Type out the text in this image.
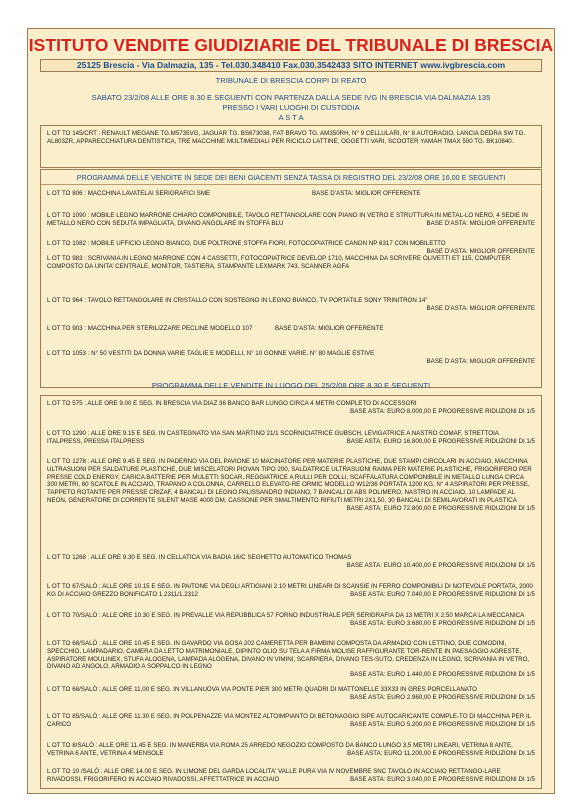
ISTITUTO VENDITE GIUDIZIARIE DEL TRIBUNALE DI BRESCIA
25125 Brescia - Via Dalmazia, 135 - Tel.030.348410 Fax.030.3542433 SITO INTERNET www.ivgbrescia.com
TRIBUNALE DI BRESCIA CORPI DI REATO
SABATO 23/2/08 ALLE ORE 8.30 E SEGUENTI CON PARTENZA DALLA SEDE IVG IN BRESCIA VIA DALMAZIA 135
PRESSO I VARI LUOGHI DI CUSTODIA
A S T A
L OT TO 145/CRT : RENAULT MEGANE TG.M5735VG, JAGUAR TG. BS673038, FAT BRAVO TG. AM350RH, N° 9 CELLULARI, N° 8 AUTORADIO, LANCIA DEDRA SW TG. AL803ZR, APPARECCHIATURA DENTISTICA, TRE MACCHINE MULTIMEDIALI PER RICICLO LATTINE, OGGETTI VARI, SCOOTER YAMAH TMAX 500 TG. BK10840.
PROGRAMMA DELLE VENDITE IN SEDE DEI BENI GIACENTI SENZA TASSA DI REGISTRO DEL 23/2/08 ORE 16.00 E SEGUENTI
L OT TO 806 : MACCHINA LAVATELAI SERIGRAFICI SME	BASE D’ASTA: MIGLIOR OFFERENTE
L OT TO 1090 : MOBILE LEGNO MARRONE CHIARO COMPONIBILE, TAVOLO RETTANGOLARE CON PIANO IN VETRO E STRUTTURA IN METAL-LO NERO, 4 SEDIE IN METALLO NERO CON SEDUTA IMPAGLIATA, DIVANO ANGOLARE IN STOFFA BLU	BASE D’ASTA: MIGLIOR OFFERENTE
L OT TO 1082 : MOBILE UFFICIO LEGNO BIANCO, DUE POLTRONE STOFFA FIORI, FOTOCOPIATRICE CANON NP 6317 CON MOBILETTO
BASE D’ASTA: MIGLIOR OFFERENTE
L OT TO 983 : SCRIVANIA IN LEGNO MARRONE CON 4 CASSETTI, FOTOCOPIATRICE DEVELOP 1710, MACCHINA DA SCRIVERE OLIVETTI ET 115, COMPUTER COMPOSTO DA UNITA’ CENTRALE, MONITOR, TASTIERA, STAMPANTE LEXMARK 743, SCANNER AGFA
L OT TO 964 : TAVOLO RETTANGOLARE IN CRISTALLO CON SOSTEGNO IN LEGNO BIANCO, TV PORTATILE SONY TRINITRON 14”
BASE D’ASTA: MIGLIOR OFFERENTE
L OT TO 903 : MACCHINA PER STERILIZZARE PECLINE MODELLO 107	BASE D’ASTA: MIGLIOR OFFERENTE
L OT TO 1053 : N° 50 VESTITI DA DONNA VARIE TAGLIE E MODELLI, N° 10 GONNE VARIE, N° 80 MAGLIE ESTIVE
BASE D’ASTA: MIGLIOR OFFERENTE
PROGRAMMA DELLE VENDITE IN LUOGO DEL 25/2/08 ORE 8.30 E SEGUENTI
L OT TO 575 : ALLE ORE 9.00 E SEG. IN BRESCIA VIA DIAZ 36 BANCO BAR LUNGO CIRCA 4 METRI COMPLETO DI ACCESSORI
BASE ASTA: EURO 8.000,00 E PROGRESSIVE RIDUZIONI DI 1/5
L OT TO 1290 : ALLE ORE 9.15 E SEG. IN CASTEGNATO VIA SAN MARTINO 21/1 SCORNICIATRICE GUBSCH, LEVIGATRICE A NASTRO COMAF, STRETTOIA ITALPRESS, PRESSA ITALPRESS	BASE ASTA: EURO 16.800,00 E PROGRESSIVE RIDUZIONI DI 1/5
L OT TO 1278 : ALLE ORE 9.45 E SEG. IN PADERNO VIA DEL PAVIONE 10 MACINATORE PER MATERIE PLASTICHE, DUE STAMPI CIRCOLARI IN ACCIAIO, MACCHINA ULTRASUONI PER SALDATURE PLASTICHE, DUE MISCELATORI PIOVAN TIPO 200, SALDATRICE ULTRASUONI RAIMA PER MATERIE PLASTICHE, FRIGORIFERO PER PRESSE COLD ENERGY, CARICA BATTERIE PER MULETTI SOCAR, REGGIATRICE A RULLI PER COLLI, SCAFFALATURA COMPONIBILE IN METALLO LUNGA CIRCA 300 METRI, 60 SCATOLE IN ACCIAIO, TRAPANO A COLONNA, CARRELLO ELEVATO-RE ORMIC MODELLO W12/36 PORTATA 1200 KG, N° 4 ASPIRATORI PER PRESSE, TAPPETO ROTANTE PER PRESSE CRIZAF, 4 BANCALI DI LEGNO PALISSANDRO INDIANO, 7 BANCALI DI ABS POLIMERO, NASTRO IN ACCIAIO, 10 LAMPADE AL NEON, GENERATORE DI CORRENTE SILENT MASE 4000 DM, CASSONE PER SMALTIMENTO RIFIUTI METRI 2X1,50, 30 BANCALI DI SEMILAVORATI IN PLASTICA
BASE ASTA: EURO 72.800,00 E PROGRESSIVE RIDUZIONI DI 1/5
L OT TO 1268 : ALLE ORE 9.30 E SEG. IN CELLATICA VIA BADIA 16/C SEGHETTO AUTOMATICO THOMAS
BASE ASTA: EURO 10.400,00 E PROGRESSIVE RIDUZIONI DI 1/5
L OT TO 67/SALÒ : ALLE ORE 10.15 E SEG. IN PAITONE VIA DEGLI ARTIGIANI 2 10 METRI LINEARI DI SCANSIE IN FERRO COMPONIBILI DI NOTEVOLE PORTATA, 2000 KG DI ACCIAIO GREZZO BONIFICATO 1.2311/1.2312	BASE ASTA: EURO 7.040,00 E PROGRESSIVE RIDUZIONI DI 1/5
L OT TO 70/SALÒ : ALLE ORE 10.30 E SEG. IN PREVALLE VIA REPUBBLICA 57 FORNO INDUSTRIALE PER SERIGRAFIA DA 13 METRI X 2.50 MARCA LA MECCANICA
BASE ASTA: EURO 3.680,00 E PROGRESSIVE RIDUZIONI DI 1/5
L OT TO 68/SALÒ : ALLE ORE 10.45 E SEG. IN GAVARDO VIA GOSA 202 CAMERETTA PER BAMBINI COMPOSTA DA ARMADIO CON LETTINO, DUE COMODINI, SPECCHIO, LAMPADARIO, CAMERA DA LETTO MATRIMONIALE, DIPINTO OLIO SU TELA A FIRMA MOLISE RAFFIGURANTE TOR-RENTE IN PAESAGGIO AGRESTE, ASPIRATORE MOULINEX, STUFA ALOGENA, LAMPADA ALOGENA, DIVANO IN VIMINI, SCARPIERA, DIVANO TES-SUTO, CREDENZA IN LEGNO, SCRIVANIA IN VETRO, DIVANO AD ANGOLO, ARMADIO A SOPPALCO IN LEGNO
BASE ASTA: EURO 1.440,00 E PROGRESSIVE RIDUZIONI DI 1/5
L OT TO 68/SALÒ : ALLE ORE 11.00 E SEG. IN VILLANUOVA VIA PONTE PIER 300 METRI QUADRI DI MATTONELLE 33X33 IN GRES PORCELLANATO
BASE ASTA: EURO 2.960,00 E PROGRESSIVE RIDUZIONI DI 1/5
L OT TO 85/SALÒ : ALLE ORE 11.30 E SEG. IN POLPENAZZE VIA MONTEZ ALTOIMPIANTO DI BETONAGGIO SIPE AUTOCARICANTE COMPLE-TO DI MACCHINA PER IL CARICO	BASE ASTA: EURO 5.200,00 E PROGRESSIVE RIDUZIONI DI 1/5
L OT TO 8/SALÒ : ALLE ORE 11.45 E SEG. IN MANERBA VIA ROMA 25 ARREDO NEGOZIO COMPOSTO DA BANCO LUNGO 3,5 METRI LINEARI, VETRINA 8 ANTE, VETRINA 6 ANTE, VETRINA 4 MENSOLE	BASE ASTA: EURO 11.200,00 E PROGRESSIVE RIDUZIONI DI 1/5
L OT TO 10 /SALÒ : ALLE ORE 14.00 E SEG. IN LIMONE DEL GARDA LOCALITA' VALLE PURA VIA IV NOVEMBRE SNC TAVOLO IN ACCIAIO RETTANGO-LARE RIVADOSSI, FRIGORIFERO IN ACCIAIO RIVADOSSI, AFFETTATRICE IN ACCIAIO	BASE ASTA: EURO 3.040,00 E PROGRESSIVE RIDUZIONI DI 1/5
